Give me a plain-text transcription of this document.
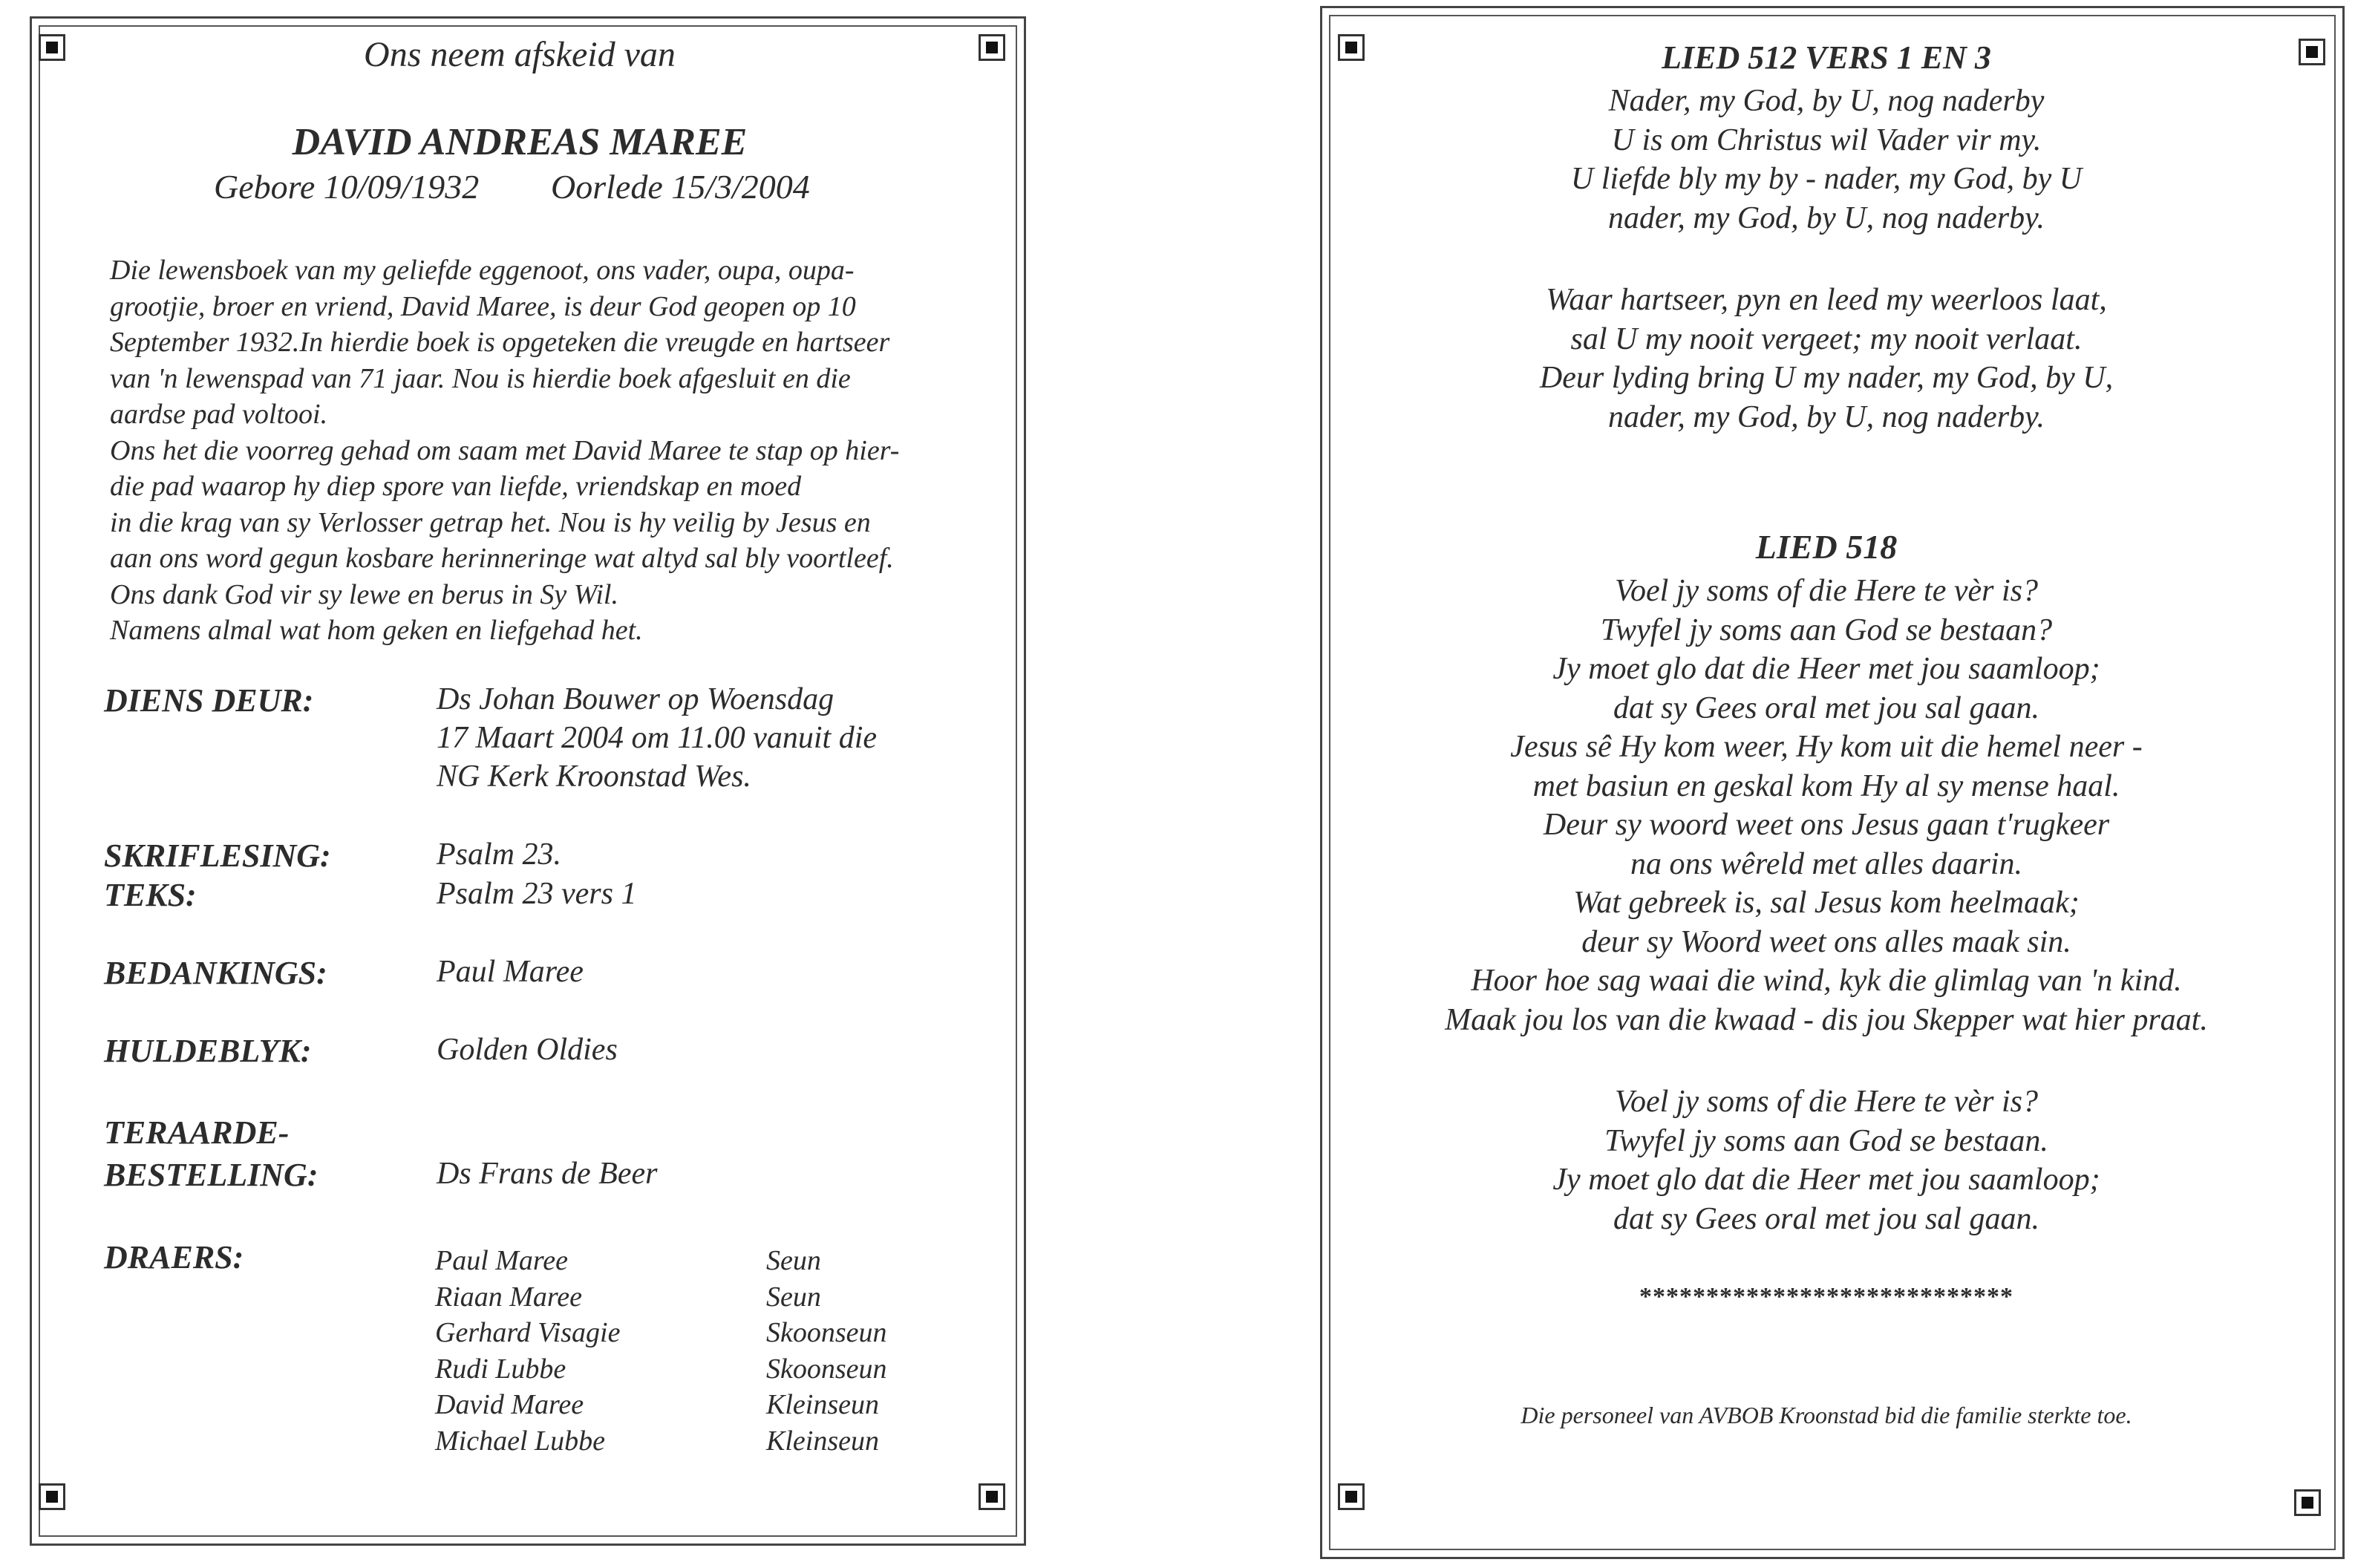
Ons neem afskeid van
DAVID ANDREAS MAREE
Gebore 10/09/1932 Oorlede 15/3/2004
Die lewensboek van my geliefde eggenoot, ons vader, oupa, oupa-
grootjie, broer en vriend, David Maree, is deur God geopen op 10
September 1932.In hierdie boek is opgeteken die vreugde en hartseer
van 'n lewenspad van 71 jaar. Nou is hierdie boek afgesluit en die
aardse pad voltooi.
Ons het die voorreg gehad om saam met David Maree te stap op hier-
die pad waarop hy diep spore van liefde, vriendskap en moed
in die krag van sy Verlosser getrap het. Nou is hy veilig by Jesus en
aan ons word gegun kosbare herinneringe wat altyd sal bly voortleef.
Ons dank God vir sy lewe en berus in Sy Wil.
Namens almal wat hom geken en liefgehad het.
DIENS DEUR:	Ds Johan Bouwer op Woensdag
17 Maart 2004 om 11.00 vanuit die
NG Kerk Kroonstad Wes.
SKRIFLESING:	Psalm 23.
TEKS:	Psalm 23 vers 1
BEDANKINGS:	Paul Maree
HULDEBLYK:	Golden Oldies
TERAARDE-
BESTELLING:	Ds Frans de Beer
DRAERS:	Paul Maree	Seun
Riaan Maree	Seun
Gerhard Visagie	Skoonseun
Rudi Lubbe	Skoonseun
David Maree	Kleinseun
Michael Lubbe	Kleinseun
LIED 512 VERS 1 EN 3
Nader, my God, by U, nog naderby
U is om Christus wil Vader vir my.
U liefde bly my by - nader, my God, by U
nader, my God, by U, nog naderby.
Waar hartseer, pyn en leed my weerloos laat,
sal U my nooit vergeet; my nooit verlaat.
Deur lyding bring U my nader, my God, by U,
nader, my God, by U, nog naderby.
LIED 518
Voel jy soms of die Here te vèr is?
Twyfel jy soms aan God se bestaan?
Jy moet glo dat die Heer met jou saamloop;
dat sy Gees oral met jou sal gaan.
Jesus sê Hy kom weer, Hy kom uit die hemel neer -
met basiun en geskal kom Hy al sy mense haal.
Deur sy woord weet ons Jesus gaan t'rugkeer
na ons wêreld met alles daarin.
Wat gebreek is, sal Jesus kom heelmaak;
deur sy Woord weet ons alles maak sin.
Hoor hoe sag waai die wind, kyk die glimlag van 'n kind.
Maak jou los van die kwaad - dis jou Skepper wat hier praat.
Voel jy soms of die Here te vèr is?
Twyfel jy soms aan God se bestaan.
Jy moet glo dat die Heer met jou saamloop;
dat sy Gees oral met jou sal gaan.
****************************
Die personeel van AVBOB Kroonstad bid die familie sterkte toe.
